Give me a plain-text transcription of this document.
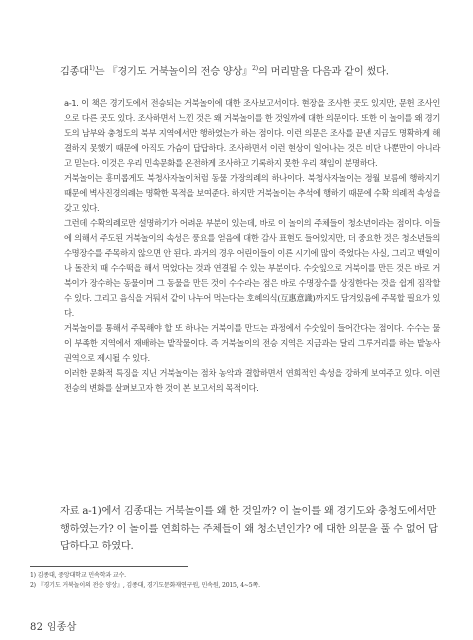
김종대$^{1)}$는 『경기도 거북놀이의 전승 양상』$^{2)}$의 머리말을 다음과 같이 썼다.

a-1. 이 책은 경기도에서 전승되는 거북놀이에 대한 조사보고서이다. 현장을 조사한 곳도 있지만, 문헌 조사인으로 다른 곳도 있다. 조사하면서 느낀 것은 왜 거북놀이를 한 것일까에 대한 의문이다. 또한 이 놀이를 왜 경기도의 남부와 충청도의 북부 지역에서만 행하였는가 하는 점이다. 이런 의문은 조사를 끝낸 지금도 명확하게 해결하지 못했기 때문에 아직도 가슴이 답답하다. 조사하면서 이런 현상이 일어나는 것은 비단 나뿐만이 아니라고 믿는다. 이것은 우리 민속문화를 온전하게 조사하고 기록하지 못한 우리 책임이 분명하다.

거북놀이는 흥미롭게도 북청사자놀이처럼 동물 가장의례의 하나이다. 북청사자놀이는 정월 보름에 행하지기 때문에 벽사진경의례는 명확한 목적을 보여준다. 하지만 거북놀이는 추석에 행하기 때문에 수확 의례적 속성을 갖고 있다.

그런데 수확의례로만 설명하기가 어려운 부분이 있는데, 바로 이 놀이의 주체들이 청소년이라는 점이다. 이들에 의해서 주도된 거북놀이의 속성은 풍요를 얻음에 대한 감사 표현도 들어있지만, 더 중요한 것은 청소년들의 수명장수를 주목하지 않으면 안 된다. 과거의 경우 어린이들이 이른 시기에 많이 죽었다는 사실, 그리고 백일이나 돌잔치 때 수수떡을 해서 먹었다는 것과 연결될 수 있는 부분이다. 수숫잎으로 거북이를 만든 것은 바로 거북이가 장수하는 동물이며 그 동물을 만든 것이 수수라는 점은 바로 수명장수를 상징한다는 것을 쉽게 짐작할 수 있다. 그리고 음식을 거둬서 같이 나누어 먹는다는 호혜의식(互惠意識)까지도 담겨있음에 주목할 필요가 있다.

거북놀이를 통해서 주목해야 할 또 하나는 거북이를 만드는 과정에서 수숫잎이 들어간다는 점이다. 수수는 물이 부족한 지역에서 재배하는 밭작물이다. 즉 거북놀이의 전승 지역은 지금과는 달리 그루거리를 하는 밭농사권역으로 제시될 수 있다.

이러한 문화적 특징을 지닌 거북놀이는 점차 농악과 결합하면서 연희적인 속성을 강하게 보여주고 있다. 이런 전승의 변화를 살펴보고자 한 것이 본 보고서의 목적이다.

자료 a-1)에서 김종대는 거북놀이를 왜 한 것일까? 이 놀이를 왜 경기도와 충청도에서만 행하였는가? 이 놀이를 연희하는 주체들이 왜 청소년인가? 에 대한 의문을 풀 수 없어 답답하다고 하였다.

1) 김종대, 중앙대학교 민속학과 교수.

2) 『경기도 거북놀이의 전승 양상』, 김종대, 경기도문화재연구원, 민속원, 2015, 4~5쪽.

82 임종삼
